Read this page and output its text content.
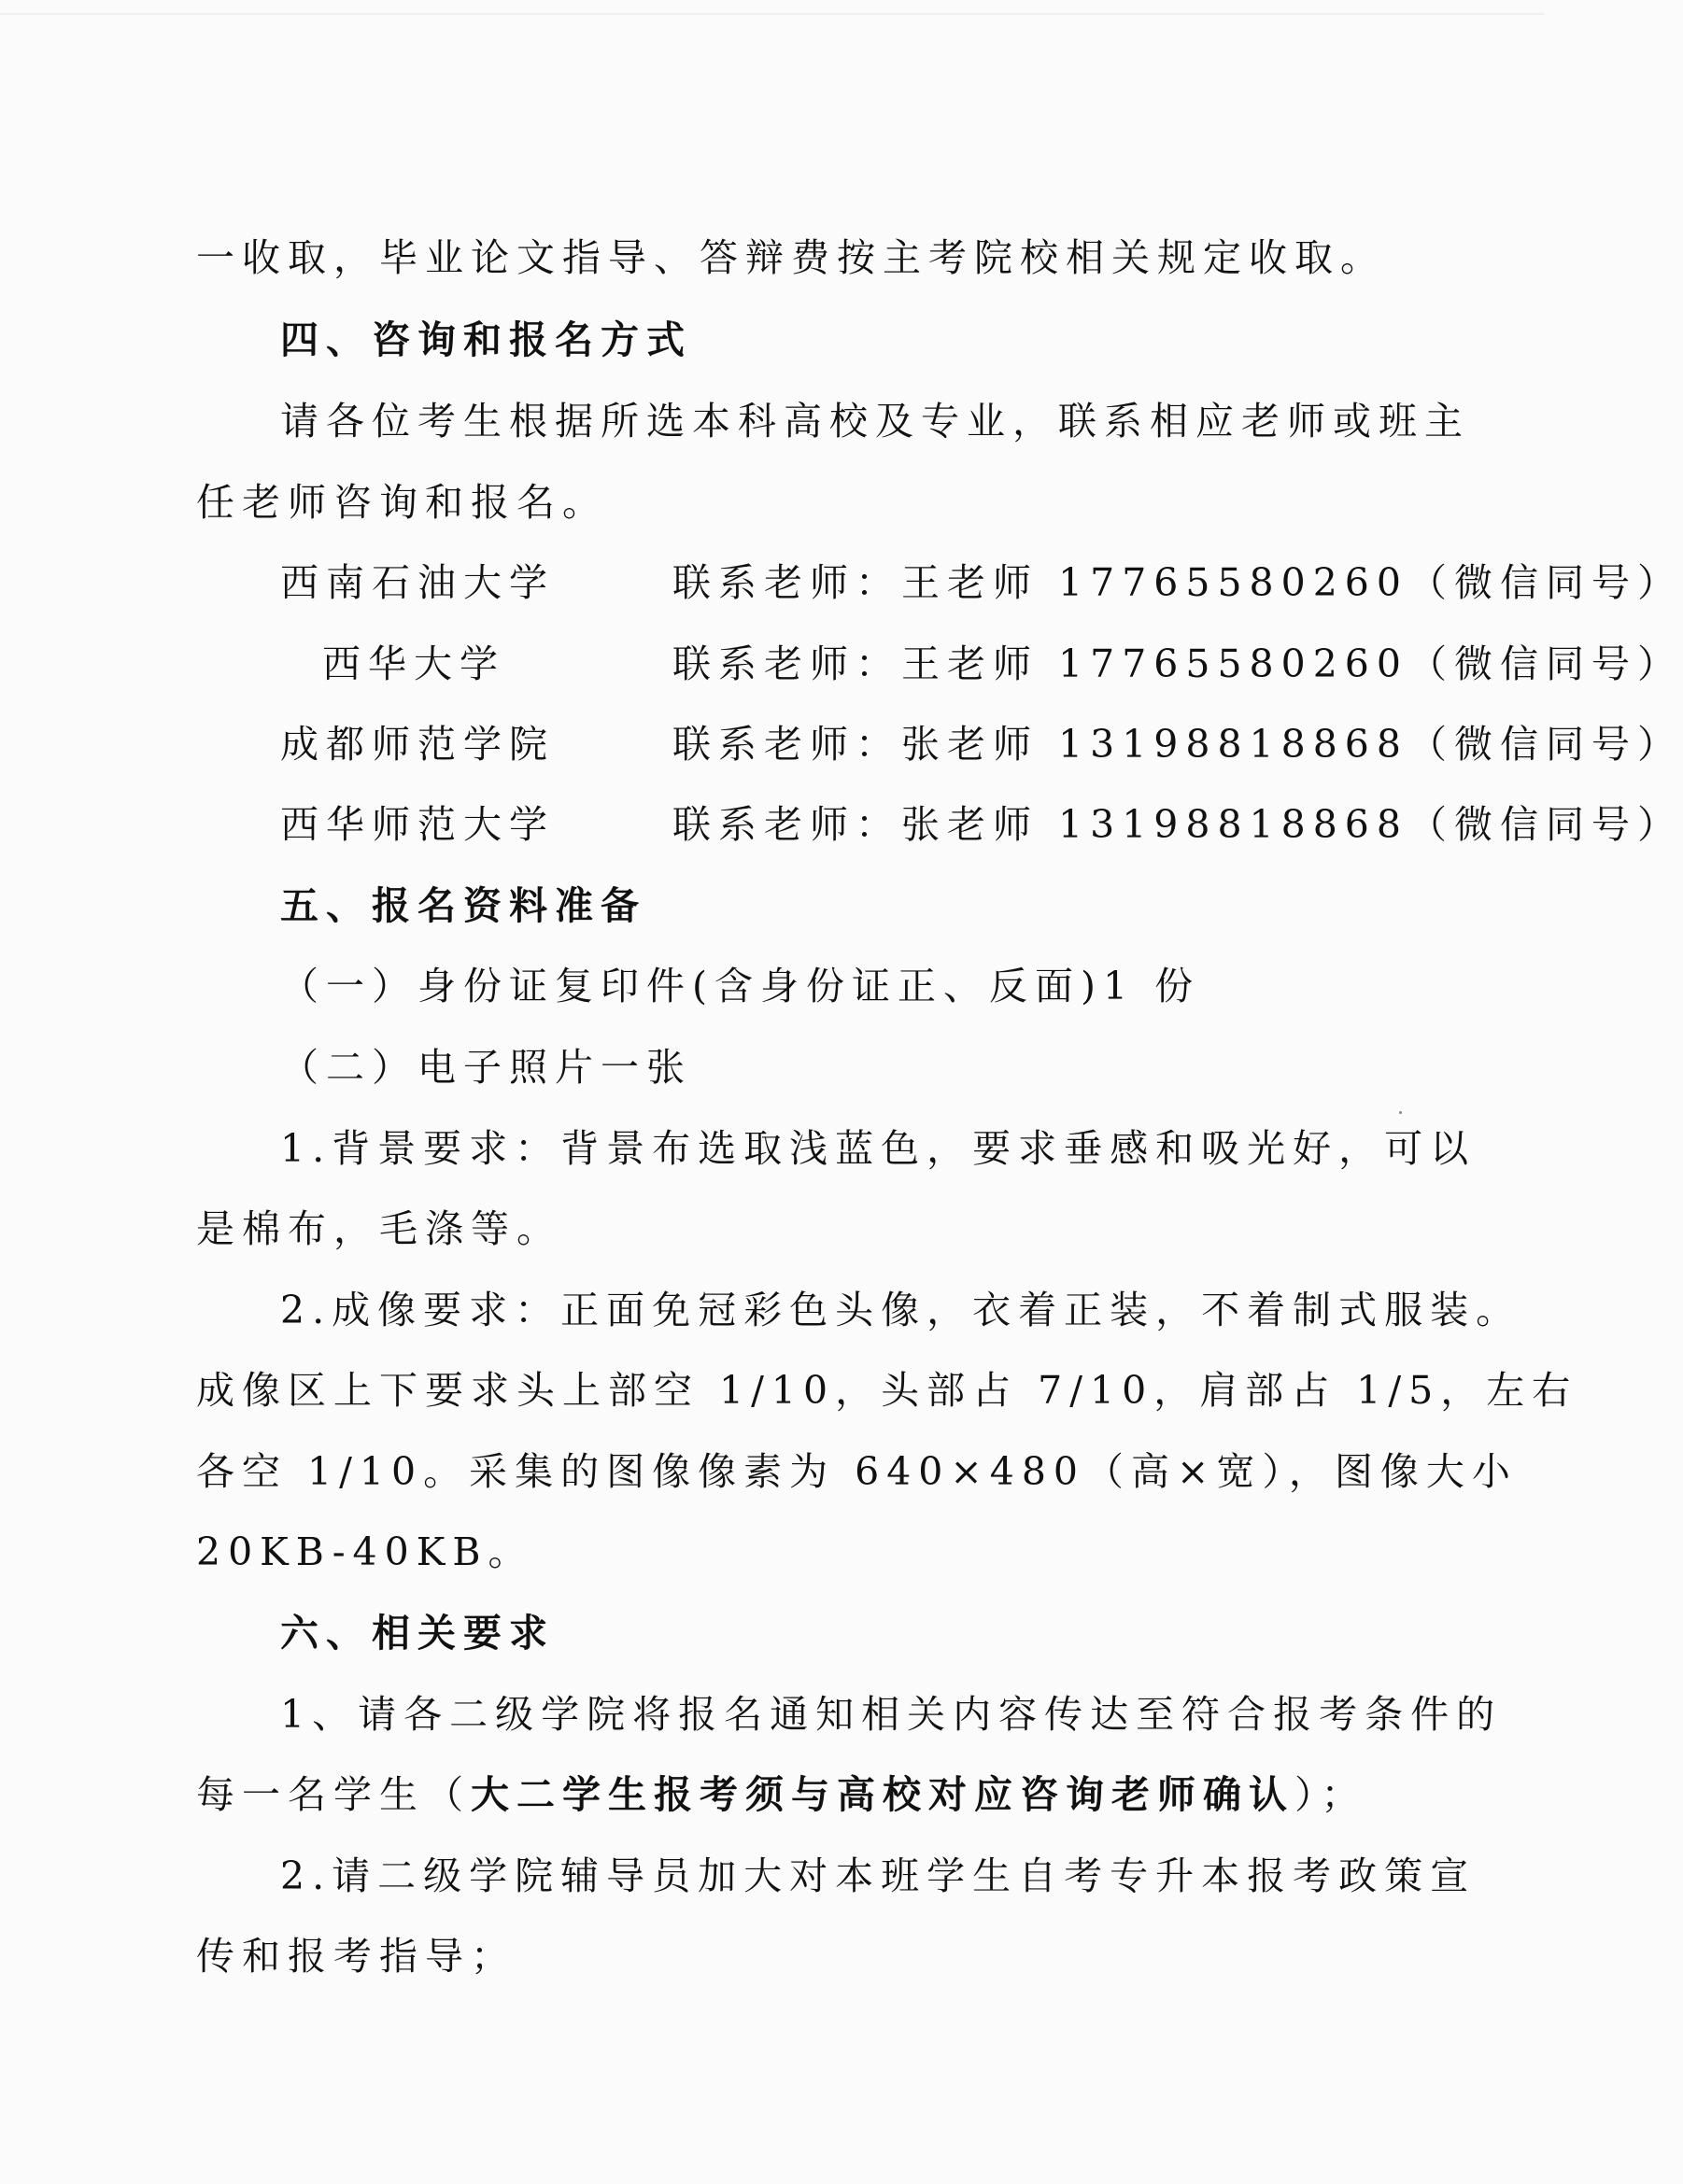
一收取，毕业论文指导、答辩费按主考院校相关规定收取。
四、咨询和报名方式
请各位考生根据所选本科高校及专业，联系相应老师或班主
任老师咨询和报名。
西南石油大学	联系老师：王老师 17765580260（微信同号）
西华大学	联系老师：王老师 17765580260（微信同号）
成都师范学院	联系老师：张老师 13198818868（微信同号）
西华师范大学	联系老师：张老师 13198818868（微信同号）
五、报名资料准备
（一）身份证复印件(含身份证正、反面)1 份
（二）电子照片一张
1.背景要求：背景布选取浅蓝色，要求垂感和吸光好，可以
是棉布，毛涤等。
2.成像要求：正面免冠彩色头像，衣着正装，不着制式服装。
成像区上下要求头上部空 1/10，头部占 7/10，肩部占 1/5，左右
各空 1/10。采集的图像像素为 640×480（高×宽），图像大小
20KB-40KB。
六、相关要求
1、请各二级学院将报名通知相关内容传达至符合报考条件的
每一名学生（大二学生报考须与高校对应咨询老师确认）；
2.请二级学院辅导员加大对本班学生自考专升本报考政策宣
传和报考指导；
